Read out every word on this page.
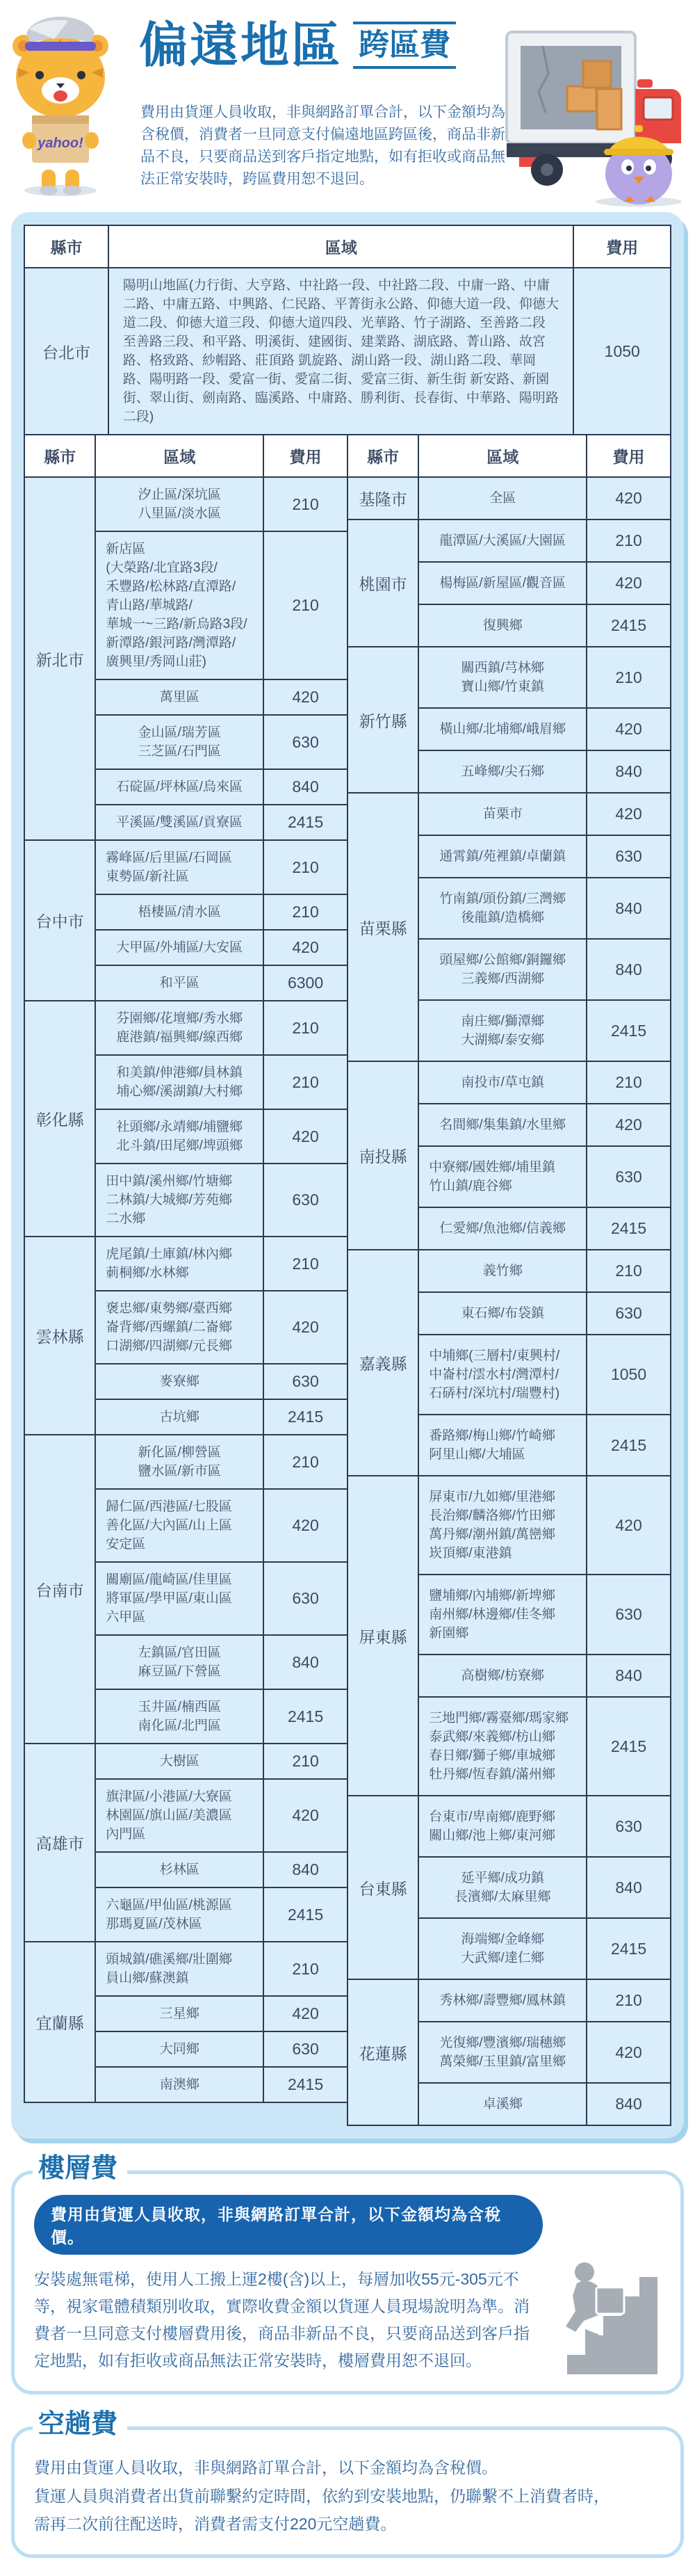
yahoo!
偏遠地區 跨區費
費用由貨運人員收取，非與網路訂單合計，以下金額均為含稅價，消費者一旦同意支付偏遠地區跨區後，商品非新品不良，只要商品送到客戶指定地點，如有拒收或商品無法正常安裝時，跨區費用恕不退回。
縣市	區域	費用
台北市	陽明山地區(力行街、大亨路、中社路一段、中社路二段、中庸一路、中庸二路、中庸五路、中興路、仁民路、平菁街永公路、仰德大道一段、仰德大道二段、仰德大道三段、仰德大道四段、光華路、竹子湖路、至善路二段 至善路三段、和平路、明溪街、建國街、建業路、湖底路、菁山路、故宮路、格致路、紗帽路、莊頂路 凱旋路、湖山路一段、湖山路二段、華岡路、陽明路一段、愛富一街、愛富二街、愛富三街、新生街 新安路、新園街、翠山街、劍南路、臨溪路、中庸路、勝利街、長春街、中華路、陽明路二段)	1050
縣市	區域	費用
新北市	汐止區/深坑區
八里區/淡水區	210
新店區
(大榮路/北宜路3段/
禾豐路/松林路/直潭路/
青山路/華城路/
華城一~三路/新烏路3段/
新潭路/銀河路/灣潭路/
廣興里/秀岡山莊)	210
	萬里區	420
	金山區/瑞芳區
三芝區/石門區	630
	石碇區/坪林區/烏來區	840
	平溪區/雙溪區/貢寮區	2415
台中市	霧峰區/后里區/石岡區
東勢區/新社區	210
	梧棲區/清水區	210
	大甲區/外埔區/大安區	420
	和平區	6300
彰化縣	芬園鄉/花壇鄉/秀水鄉
鹿港鎮/福興鄉/線西鄉	210
	和美鎮/伸港鄉/員林鎮
埔心鄉/溪湖鎮/大村鄉	210
	社頭鄉/永靖鄉/埔鹽鄉
北斗鎮/田尾鄉/埤頭鄉	420
	田中鎮/溪州鄉/竹塘鄉
二林鎮/大城鄉/芳苑鄉
二水鄉	630
雲林縣	虎尾鎮/土庫鎮/林內鄉
莿桐鄉/水林鄉	210
	褒忠鄉/東勢鄉/臺西鄉
崙背鄉/西螺鎮/二崙鄉
口湖鄉/四湖鄉/元長鄉	420
	麥寮鄉	630
	古坑鄉	2415
台南市	新化區/柳營區
鹽水區/新市區	210
	歸仁區/西港區/七股區
善化區/大內區/山上區
安定區	420
	關廟區/龍崎區/佳里區
將軍區/學甲區/東山區
六甲區	630
	左鎮區/官田區
麻豆區/下營區	840
	玉井區/楠西區
南化區/北門區	2415
高雄市	大樹區	210
	旗津區/小港區/大寮區
林園區/旗山區/美濃區
內門區	420
	杉林區	840
	六龜區/甲仙區/桃源區
那瑪夏區/茂林區	2415
宜蘭縣	頭城鎮/礁溪鄉/壯圍鄉
員山鄉/蘇澳鎮	210
	三星鄉	420
	大同鄉	630
	南澳鄉	2415
縣市	區域	費用
基隆市	全區	420
桃園市	龍潭區/大溪區/大園區	210
	楊梅區/新屋區/觀音區	420
	復興鄉	2415
新竹縣	關西鎮/芎林鄉
寶山鄉/竹東鎮	210
	橫山鄉/北埔鄉/峨眉鄉	420
	五峰鄉/尖石鄉	840
苗栗縣	苗栗市	420
	通霄鎮/苑裡鎮/卓蘭鎮	630
	竹南鎮/頭份鎮/三灣鄉
後龍鎮/造橋鄉	840
	頭屋鄉/公館鄉/銅鑼鄉
三義鄉/西湖鄉	840
	南庄鄉/獅潭鄉
大湖鄉/泰安鄉	2415
南投縣	南投市/草屯鎮	210
	名間鄉/集集鎮/水里鄉	420
	中寮鄉/國姓鄉/埔里鎮
竹山鎮/鹿谷鄉	630
	仁愛鄉/魚池鄉/信義鄉	2415
嘉義縣	義竹鄉	210
	東石鄉/布袋鎮	630
	中埔鄉(三層村/東興村/
中崙村/澐水村/灣潭村/
石硦村/深坑村/瑞豐村)	1050
	番路鄉/梅山鄉/竹崎鄉
阿里山鄉/大埔區	2415
屏東縣	屏東市/九如鄉/里港鄉
長治鄉/麟洛鄉/竹田鄉
萬丹鄉/潮州鎮/萬巒鄉
崁頂鄉/東港鎮	420
	鹽埔鄉/內埔鄉/新埤鄉
南州鄉/林邊鄉/佳冬鄉
新園鄉	630
	高樹鄉/枋寮鄉	840
	三地門鄉/霧臺鄉/瑪家鄉
泰武鄉/來義鄉/枋山鄉
春日鄉/獅子鄉/車城鄉
牡丹鄉/恆春鎮/滿州鄉	2415
台東縣	台東市/卑南鄉/鹿野鄉
關山鄉/池上鄉/東河鄉	630
	延平鄉/成功鎮
長濱鄉/太麻里鄉	840
	海端鄉/金峰鄉
大武鄉/達仁鄉	2415
花蓮縣	秀林鄉/壽豐鄉/鳳林鎮	210
	光復鄉/豐濱鄉/瑞穗鄉
萬榮鄉/玉里鎮/富里鄉	420
	卓溪鄉	840
樓層費
費用由貨運人員收取，非與網路訂單合計，以下金額均為含稅價。
安裝處無電梯，使用人工搬上運2樓(含)以上，每層加收55元-305元不等，視家電體積類別收取，實際收費金額以貨運人員現場說明為準。消費者一旦同意支付樓層費用後，商品非新品不良，只要商品送到客戶指定地點，如有拒收或商品無法正常安裝時，樓層費用恕不退回。
空趟費
費用由貨運人員收取，非與網路訂單合計，以下金額均為含稅價。
貨運人員與消費者出貨前聯繫約定時間，依約到安裝地點，仍聯繫不上消費者時，
需再二次前往配送時，消費者需支付220元空趟費。
